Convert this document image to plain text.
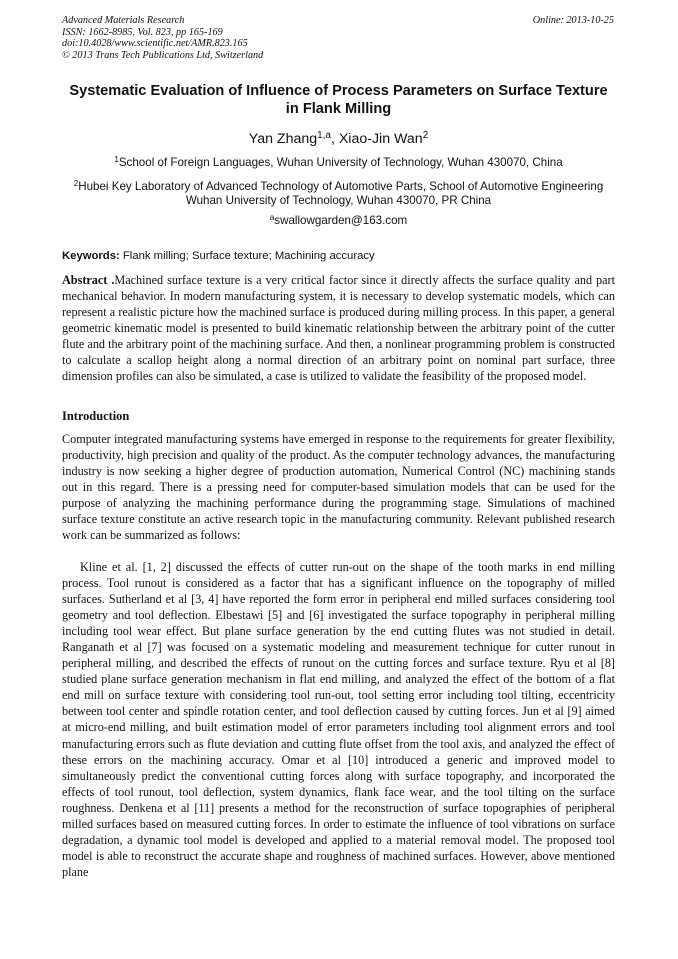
Advanced Materials Research
ISSN: 1662-8985, Vol. 823, pp 165-169
doi:10.4028/www.scientific.net/AMR.823.165
© 2013 Trans Tech Publications Ltd, Switzerland
Online: 2013-10-25
Systematic Evaluation of Influence of Process Parameters on Surface Texture in Flank Milling
Yan Zhang$^{1,a}$, Xiao-Jin Wan$^2$
$^1$School of Foreign Languages, Wuhan University of Technology, Wuhan 430070, China
$^2$Hubei Key Laboratory of Advanced Technology of Automotive Parts, School of Automotive Engineering Wuhan University of Technology, Wuhan 430070, PR China
$^a$swallowgarden@163.com
Keywords: Flank milling; Surface texture; Machining accuracy
Abstract .Machined surface texture is a very critical factor since it directly affects the surface quality and part mechanical behavior. In modern manufacturing system, it is necessary to develop systematic models, which can represent a realistic picture how the machined surface is produced during milling process. In this paper, a general geometric kinematic model is presented to build kinematic relationship between the arbitrary point of the cutter flute and the arbitrary point of the machining surface. And then, a nonlinear programming problem is constructed to calculate a scallop height along a normal direction of an arbitrary point on nominal part surface, three dimension profiles can also be simulated, a case is utilized to validate the feasibility of the proposed model.
Introduction
Computer integrated manufacturing systems have emerged in response to the requirements for greater flexibility, productivity, high precision and quality of the product. As the computer technology advances, the manufacturing industry is now seeking a higher degree of production automation, Numerical Control (NC) machining stands out in this regard. There is a pressing need for computer-based simulation models that can be used for the purpose of analyzing the machining performance during the programming stage. Simulations of machined surface texture constitute an active research topic in the manufacturing community. Relevant published research work can be summarized as follows:
Kline et al. [1, 2] discussed the effects of cutter run-out on the shape of the tooth marks in end milling process. Tool runout is considered as a factor that has a significant influence on the topography of milled surfaces. Sutherland et al [3, 4] have reported the form error in peripheral end milled surfaces considering tool geometry and tool deflection. Elbestawi [5] and [6] investigated the surface topography in peripheral milling including tool wear effect. But plane surface generation by the end cutting flutes was not studied in detail. Ranganath et al [7] was focused on a systematic modeling and measurement technique for cutter runout in peripheral milling, and described the effects of runout on the cutting forces and surface texture. Ryu et al [8] studied plane surface generation mechanism in flat end milling, and analyzed the effect of the bottom of a flat end mill on surface texture with considering tool run-out, tool setting error including tool tilting, eccentricity between tool center and spindle rotation center, and tool deflection caused by cutting forces. Jun et al [9] aimed at micro-end milling, and built estimation model of error parameters including tool alignment errors and tool manufacturing errors such as flute deviation and cutting flute offset from the tool axis, and analyzed the effect of these errors on the machining accuracy. Omar et al [10] introduced a generic and improved model to simultaneously predict the conventional cutting forces along with surface topography, and incorporated the effects of tool runout, tool deflection, system dynamics, flank face wear, and the tool tilting on the surface roughness. Denkena et al [11] presents a method for the reconstruction of surface topographies of peripheral milled surfaces based on measured cutting forces. In order to estimate the influence of tool vibrations on surface degradation, a dynamic tool model is developed and applied to a material removal model. The proposed tool model is able to reconstruct the accurate shape and roughness of machined surfaces. However, above mentioned plane
